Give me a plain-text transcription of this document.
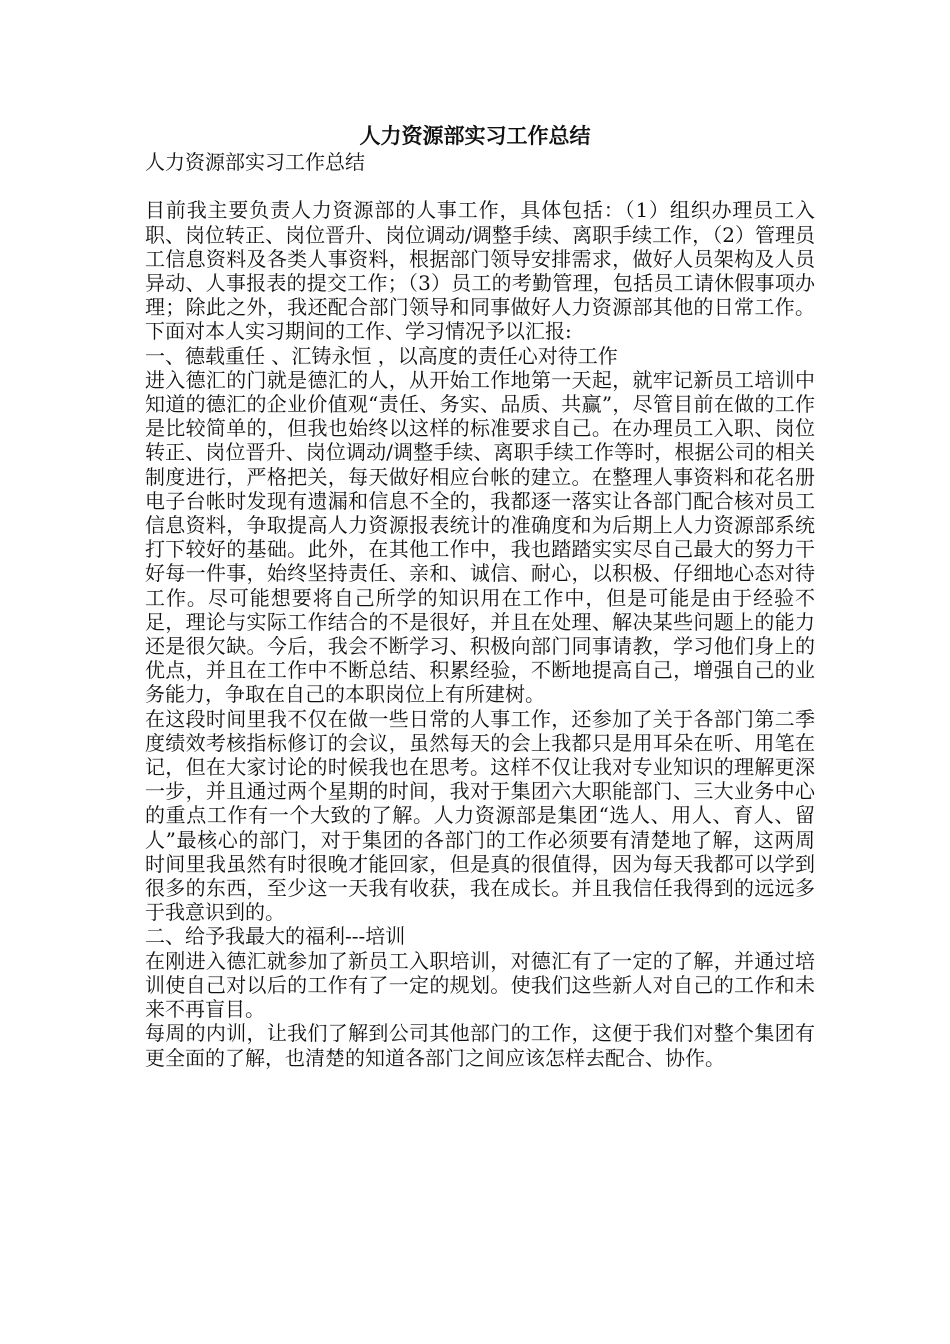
人力资源部实习工作总结

人力资源部实习工作总结

目前我主要负责人力资源部的人事工作，具体包括：（1）组织办理员工入职、岗位转正、岗位晋升、岗位调动/调整手续、离职手续工作，（2）管理员工信息资料及各类人事资料，根据部门领导安排需求，做好人员架构及人员异动、人事报表的提交工作；（3）员工的考勤管理，包括员工请休假事项办理；除此之外，我还配合部门领导和同事做好人力资源部其他的日常工作。下面对本人实习期间的工作、学习情况予以汇报:

一、德载重任 、汇铸永恒 ，以高度的责任心对待工作

进入德汇的门就是德汇的人，从开始工作地第一天起，就牢记新员工培训中知道的德汇的企业价值观“责任、务实、品质、共赢”，尽管目前在做的工作是比较简单的，但我也始终以这样的标准要求自己。在办理员工入职、岗位转正、岗位晋升、岗位调动/调整手续、离职手续工作等时，根据公司的相关制度进行，严格把关，每天做好相应台帐的建立。在整理人事资料和花名册电子台帐时发现有遗漏和信息不全的，我都逐一落实让各部门配合核对员工信息资料，争取提高人力资源报表统计的准确度和为后期上人力资源部系统打下较好的基础。此外，在其他工作中，我也踏踏实实尽自己最大的努力干好每一件事，始终坚持责任、亲和、诚信、耐心，以积极、仔细地心态对待工作。尽可能想要将自己所学的知识用在工作中，但是可能是由于经验不足，理论与实际工作结合的不是很好，并且在处理、解决某些问题上的能力还是很欠缺。今后，我会不断学习、积极向部门同事请教，学习他们身上的优点，并且在工作中不断总结、积累经验，不断地提高自己，增强自己的业务能力，争取在自己的本职岗位上有所建树。

在这段时间里我不仅在做一些日常的人事工作，还参加了关于各部门第二季度绩效考核指标修订的会议，虽然每天的会上我都只是用耳朵在听、用笔在记，但在大家讨论的时候我也在思考。这样不仅让我对专业知识的理解更深一步，并且通过两个星期的时间，我对于集团六大职能部门、三大业务中心的重点工作有一个大致的了解。人力资源部是集团“选人、用人、育人、留人”最核心的部门，对于集团的各部门的工作必须要有清楚地了解，这两周时间里我虽然有时很晚才能回家，但是真的很值得，因为每天我都可以学到很多的东西，至少这一天我有收获，我在成长。并且我信任我得到的远远多于我意识到的。

二、给予我最大的福利---培训

在刚进入德汇就参加了新员工入职培训，对德汇有了一定的了解，并通过培训使自己对以后的工作有了一定的规划。使我们这些新人对自己的工作和未来不再盲目。

每周的内训，让我们了解到公司其他部门的工作，这便于我们对整个集团有更全面的了解，也清楚的知道各部门之间应该怎样去配合、协作。
